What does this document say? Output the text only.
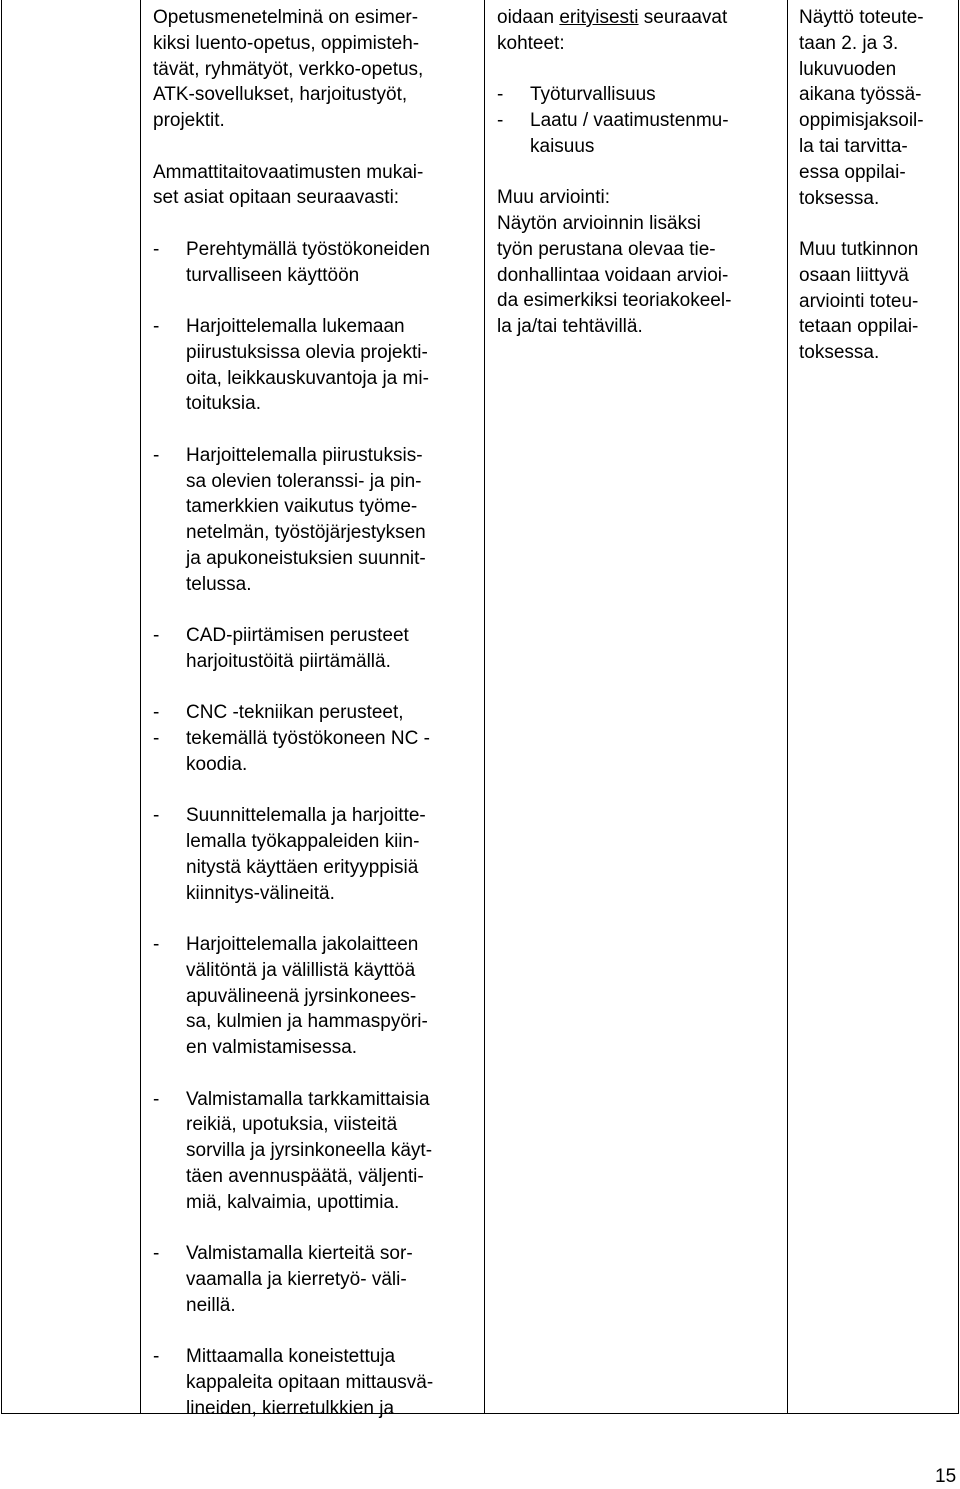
Opetusmenetelminä on esimer-
kiksi luento-opetus, oppimisteh-
tävät, ryhmätyöt, verkko-opetus,
ATK-sovellukset, harjoitustyöt,
projektit.
Ammattitaitovaatimusten mukai-
set asiat opitaan seuraavasti:
- Perehtymällä työstökoneiden
turvalliseen käyttöön
- Harjoittelemalla lukemaan
piirustuksissa olevia projekti-
oita, leikkauskuvantoja ja mi-
toituksia.
- Harjoittelemalla piirustuksis-
sa olevien toleranssi- ja pin-
tamerkkien vaikutus työme-
netelmän, työstöjärjestyksen
ja apukoneistuksien suunnit-
telussa.
- CAD-piirtämisen perusteet
harjoitustöitä piirtämällä.
- CNC -tekniikan perusteet,
- tekemällä työstökoneen NC -
koodia.
- Suunnittelemalla ja harjoitte-
lemalla työkappaleiden kiin-
nitystä käyttäen erityyppisiä
kiinnitys-välineitä.
- Harjoittelemalla jakolaitteen
välitöntä ja välillistä käyttöä
apuvälineenä jyrsinkonees-
sa, kulmien ja hammaspyöri-
en valmistamisessa.
- Valmistamalla tarkkamittaisia
reikiä, upotuksia, viisteitä
sorvilla ja jyrsinkoneella käyt-
täen avennuspäätä, väljenti-
miä, kalvaimia, upottimia.
- Valmistamalla kierteitä sor-
vaamalla ja kierretyö- väli-
neillä.
- Mittaamalla koneistettuja
kappaleita opitaan mittausvä-
lineiden, kierretulkkien ja
oidaan erityisesti seuraavat
kohteet:
- Työturvallisuus
- Laatu / vaatimustenmu-
kaisuus
Muu arviointi:
Näytön arvioinnin lisäksi
työn perustana olevaa tie-
donhallintaa voidaan arvioi-
da esimerkiksi teoriakokeel-
la ja/tai tehtävillä.
Näyttö toteute-
taan 2. ja 3.
lukuvuoden
aikana työssä-
oppimisjaksoil-
la tai tarvitta-
essa oppilai-
toksessa.
Muu tutkinnon
osaan liittyvä
arviointi toteu-
tetaan oppilai-
toksessa.
15
